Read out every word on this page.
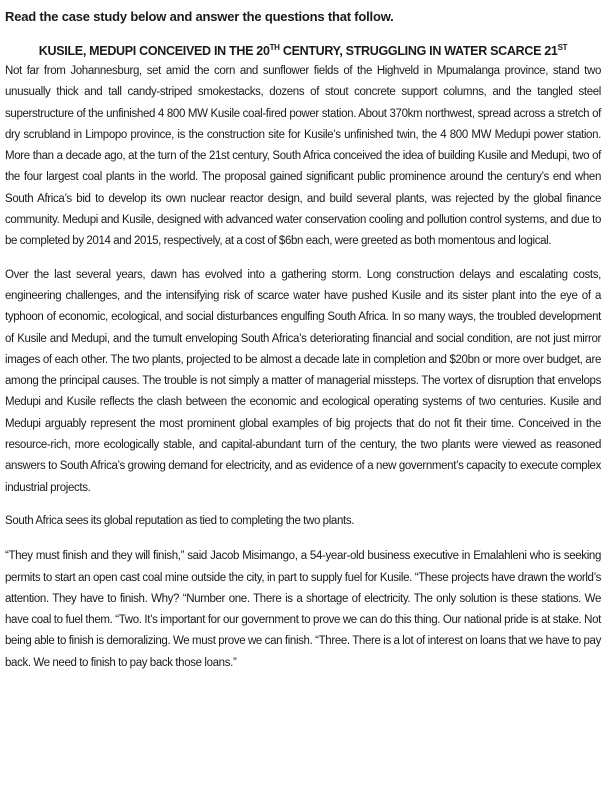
Read the case study below and answer the questions that follow.
KUSILE, MEDUPI CONCEIVED IN THE 20TH CENTURY, STRUGGLING IN WATER SCARCE 21ST

Not far from Johannesburg, set amid the corn and sunflower fields of the Highveld in Mpumalanga province, stand two unusually thick and tall candy-striped smokestacks, dozens of stout concrete support columns, and the tangled steel superstructure of the unfinished 4 800 MW Kusile coal-fired power station. About 370km northwest, spread across a stretch of dry scrubland in Limpopo province, is the construction site for Kusile’s unfinished twin, the 4 800 MW Medupi power station. More than a decade ago, at the turn of the 21st century, South Africa conceived the idea of building Kusile and Medupi, two of the four largest coal plants in the world. The proposal gained significant public prominence around the century’s end when South Africa’s bid to develop its own nuclear reactor design, and build several plants, was rejected by the global finance community. Medupi and Kusile, designed with advanced water conservation cooling and pollution control systems, and due to be completed by 2014 and 2015, respectively, at a cost of $6bn each, were greeted as both momentous and logical.

Over the last several years, dawn has evolved into a gathering storm. Long construction delays and escalating costs, engineering challenges, and the intensifying risk of scarce water have pushed Kusile and its sister plant into the eye of a typhoon of economic, ecological, and social disturbances engulfing South Africa. In so many ways, the troubled development of Kusile and Medupi, and the tumult enveloping South Africa’s deteriorating financial and social condition, are not just mirror images of each other. The two plants, projected to be almost a decade late in completion and $20bn or more over budget, are among the principal causes. The trouble is not simply a matter of managerial missteps. The vortex of disruption that envelops Medupi and Kusile reflects the clash between the economic and ecological operating systems of two centuries. Kusile and Medupi arguably represent the most prominent global examples of big projects that do not fit their time. Conceived in the resource-rich, more ecologically stable, and capital-abundant turn of the century, the two plants were viewed as reasoned answers to South Africa’s growing demand for electricity, and as evidence of a new government’s capacity to execute complex industrial projects.

South Africa sees its global reputation as tied to completing the two plants.

“They must finish and they will finish,” said Jacob Misimango, a 54-year-old business executive in Emalahleni who is seeking permits to start an open cast coal mine outside the city, in part to supply fuel for Kusile. “These projects have drawn the world’s attention. They have to finish. Why? “Number one. There is a shortage of electricity. The only solution is these stations. We have coal to fuel them. “Two. It’s important for our government to prove we can do this thing. Our national pride is at stake. Not being able to finish is demoralizing. We must prove we can finish. “Three. There is a lot of interest on loans that we have to pay back. We need to finish to pay back those loans.”
